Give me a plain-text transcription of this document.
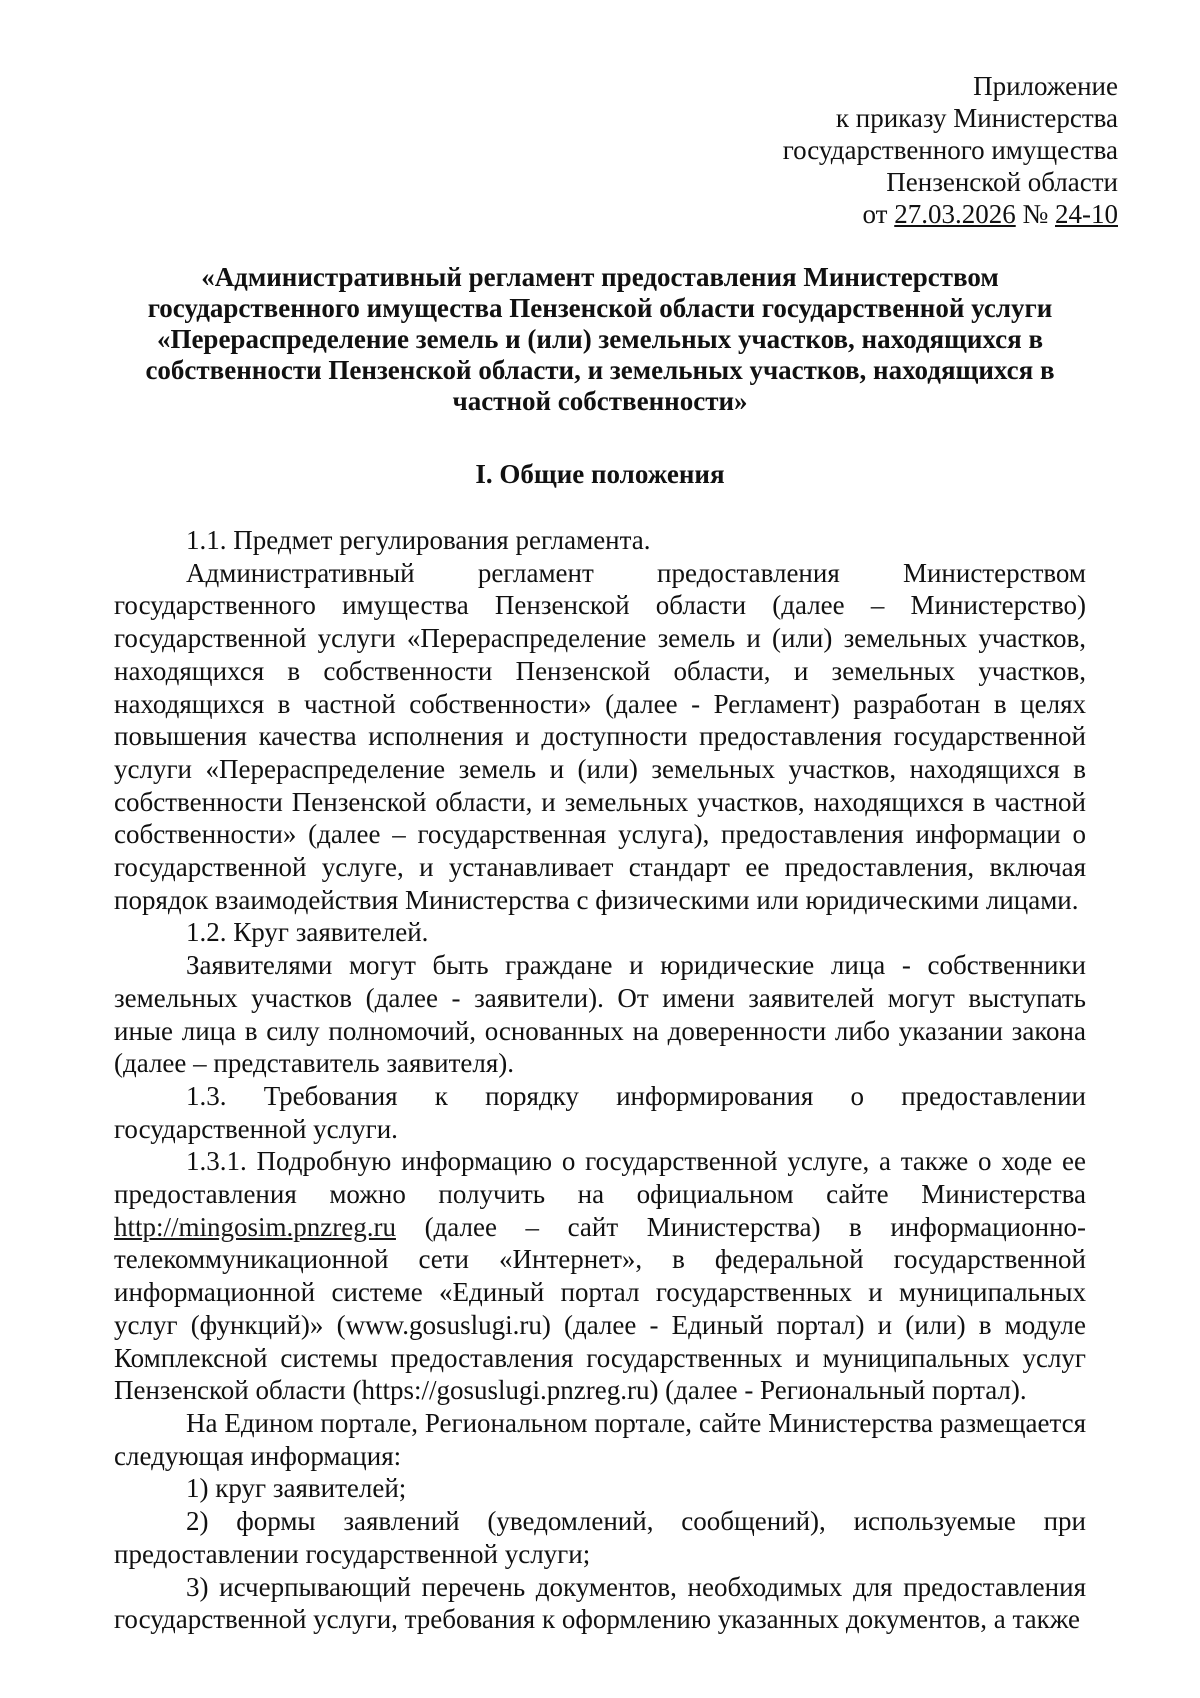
Приложение
к приказу Министерства
государственного имущества
Пензенской области
от 27.03.2026 № 24-10
«Административный регламент предоставления Министерством государственного имущества Пензенской области государственной услуги «Перераспределение земель и (или) земельных участков, находящихся в собственности Пензенской области, и земельных участков, находящихся в частной собственности»
I. Общие положения

1.1. Предмет регулирования регламента.

Административный регламент предоставления Министерством государственного имущества Пензенской области (далее – Министерство) государственной услуги «Перераспределение земель и (или) земельных участков, находящихся в собственности Пензенской области, и земельных участков, находящихся в частной собственности» (далее - Регламент) разработан в целях повышения качества исполнения и доступности предоставления государственной услуги «Перераспределение земель и (или) земельных участков, находящихся в собственности Пензенской области, и земельных участков, находящихся в частной собственности» (далее – государственная услуга), предоставления информации о государственной услуге, и устанавливает стандарт ее предоставления, включая порядок взаимодействия Министерства с физическими или юридическими лицами.

1.2. Круг заявителей.

Заявителями могут быть граждане и юридические лица - собственники земельных участков (далее - заявители). От имени заявителей могут выступать иные лица в силу полномочий, основанных на доверенности либо указании закона (далее – представитель заявителя).

1.3. Требования к порядку информирования о предоставлении государственной услуги.

1.3.1. Подробную информацию о государственной услуге, а также о ходе ее предоставления можно получить на официальном сайте Министерства http://mingosim.pnzreg.ru (далее – сайт Министерства) в информационно-телекоммуникационной сети «Интернет», в федеральной государственной информационной системе «Единый портал государственных и муниципальных услуг (функций)» (www.gosuslugi.ru) (далее - Единый портал) и (или) в модуле Комплексной системы предоставления государственных и муниципальных услуг Пензенской области (https://gosuslugi.pnzreg.ru) (далее - Региональный портал).

На Едином портале, Региональном портале, сайте Министерства размещается следующая информация:

1) круг заявителей;

2) формы заявлений (уведомлений, сообщений), используемые при предоставлении государственной услуги;

3) исчерпывающий перечень документов, необходимых для предоставления государственной услуги, требования к оформлению указанных документов, а также
